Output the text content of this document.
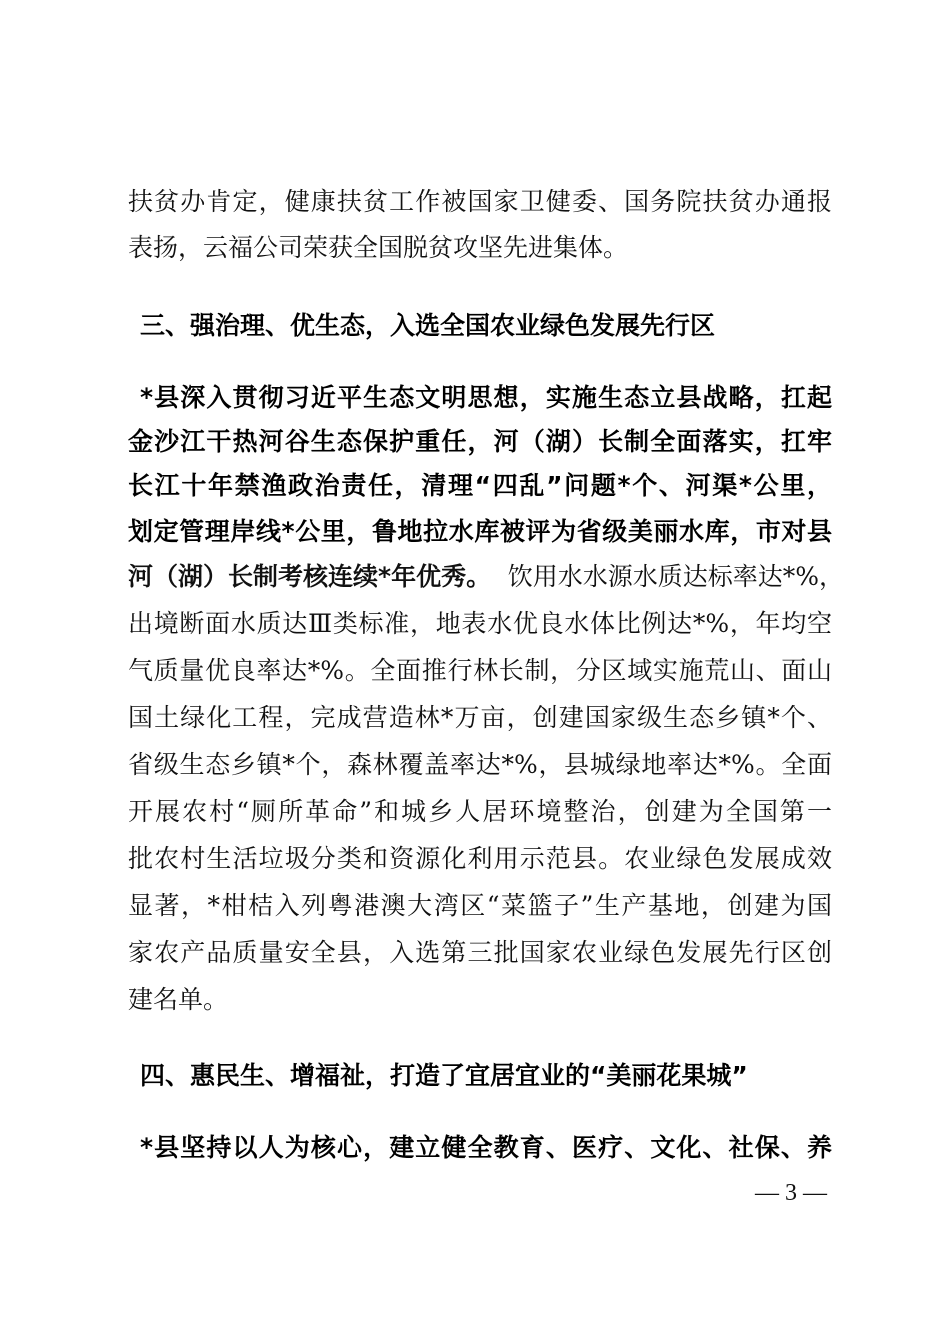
扶贫办肯定，健康扶贫工作被国家卫健委、国务院扶贫办通报
表扬，云福公司荣获全国脱贫攻坚先进集体。
三、强治理、优生态，入选全国农业绿色发展先行区
*县深入贯彻习近平生态文明思想，实施生态立县战略，扛起
金沙江干热河谷生态保护重任，河（湖）长制全面落实，扛牢
长江十年禁渔政治责任，清理“四乱”问题*个、河渠*公里，
划定管理岸线*公里，鲁地拉水库被评为省级美丽水库，市对县
河（湖）长制考核连续*年优秀。 饮用水水源水质达标率达*%，
出境断面水质达Ⅲ类标准，地表水优良水体比例达*%，年均空
气质量优良率达*%。全面推行林长制，分区域实施荒山、面山
国土绿化工程，完成营造林*万亩，创建国家级生态乡镇*个、
省级生态乡镇*个，森林覆盖率达*%，县城绿地率达*%。全面
开展农村“厕所革命”和城乡人居环境整治，创建为全国第一
批农村生活垃圾分类和资源化利用示范县。农业绿色发展成效
显著，*柑桔入列粤港澳大湾区“菜篮子”生产基地，创建为国
家农产品质量安全县，入选第三批国家农业绿色发展先行区创
建名单。
四、惠民生、增福祉，打造了宜居宜业的“美丽花果城”
*县坚持以人为核心，建立健全教育、医疗、文化、社保、养
— 3 —
